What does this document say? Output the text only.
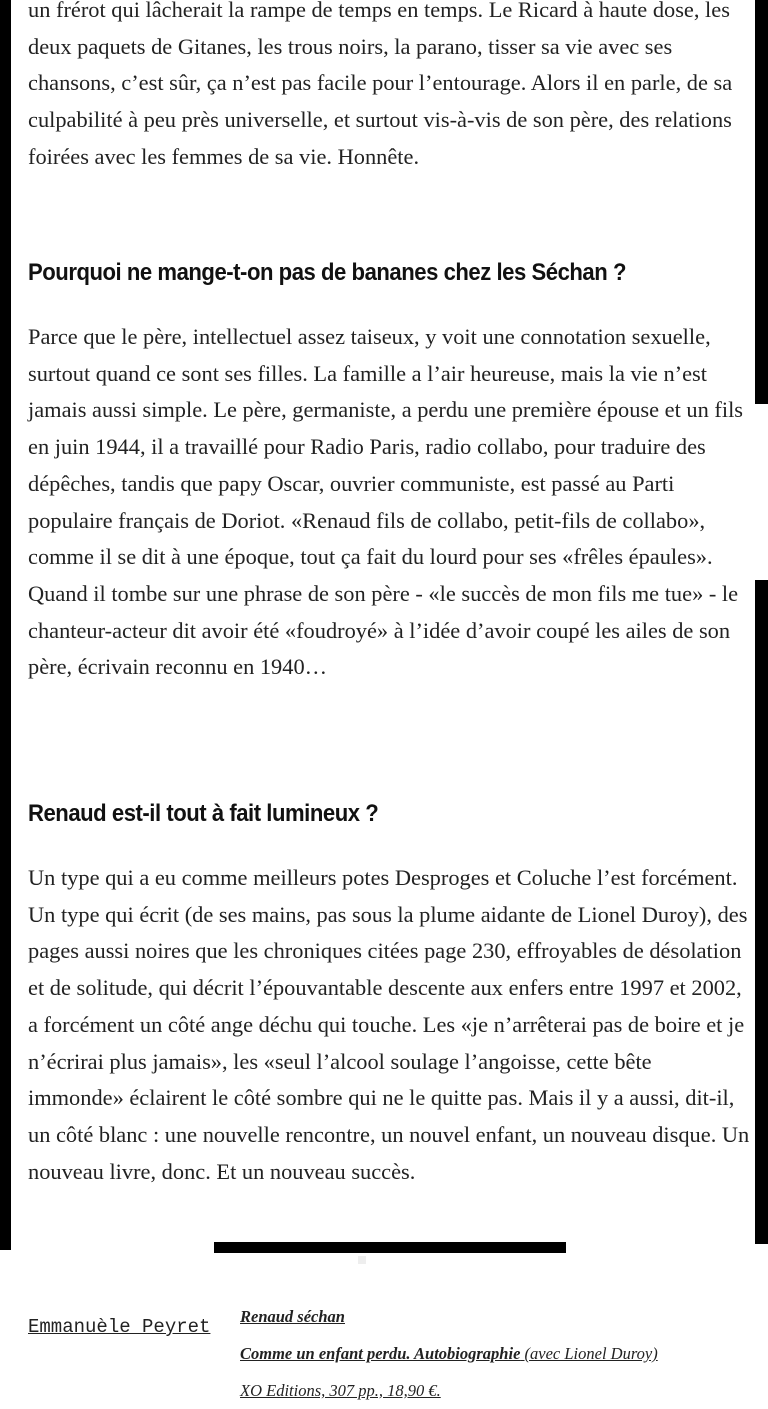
un frérot qui lâcherait la rampe de temps en temps. Le Ricard à haute dose, les deux paquets de Gitanes, les trous noirs, la parano, tisser sa vie avec ses chansons, c’est sûr, ça n’est pas facile pour l’entourage. Alors il en parle, de sa culpabilité à peu près universelle, et surtout vis-à-vis de son père, des relations foirées avec les femmes de sa vie. Honnête.

Pourquoi ne mange-t-on pas de bananes chez les Séchan ?

Parce que le père, intellectuel assez taiseux, y voit une connotation sexuelle, surtout quand ce sont ses filles. La famille a l’air heureuse, mais la vie n’est jamais aussi simple. Le père, germaniste, a perdu une première épouse et un fils en juin 1944, il a travaillé pour Radio Paris, radio collabo, pour traduire des dépêches, tandis que papy Oscar, ouvrier communiste, est passé au Parti populaire français de Doriot. «Renaud fils de collabo, petit-fils de collabo», comme il se dit à une époque, tout ça fait du lourd pour ses «frêles épaules». Quand il tombe sur une phrase de son père - «le succès de mon fils me tue» - le chanteur-acteur dit avoir été «foudroyé» à l’idée d’avoir coupé les ailes de son père, écrivain reconnu en 1940…

Renaud est-il tout à fait lumineux ?

Un type qui a eu comme meilleurs potes Desproges et Coluche l’est forcément. Un type qui écrit (de ses mains, pas sous la plume aidante de Lionel Duroy), des pages aussi noires que les chroniques citées page 230, effroyables de désolation et de solitude, qui décrit l’épouvantable descente aux enfers entre 1997 et 2002, a forcément un côté ange déchu qui touche. Les «je n’arrêterai pas de boire et je n’écrirai plus jamais», les «seul l’alcool soulage l’angoisse, cette bête immonde» éclairent le côté sombre qui ne le quitte pas. Mais il y a aussi, dit-il, un côté blanc : une nouvelle rencontre, un nouvel enfant, un nouveau disque. Un nouveau livre, donc. Et un nouveau succès.

Emmanuèle Peyret Renaud séchan
Comme un enfant perdu. Autobiographie (avec Lionel Duroy)
XO Editions, 307 pp., 18,90 €.
